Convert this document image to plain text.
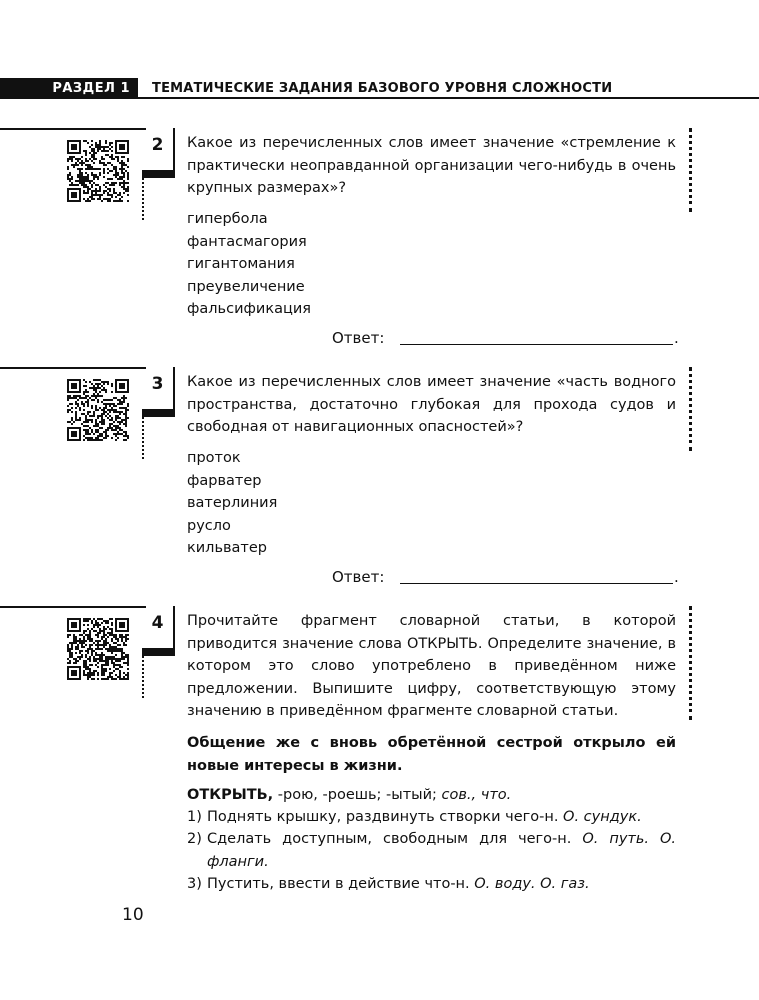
РАЗДЕЛ 1	ТЕМАТИЧЕСКИЕ ЗАДАНИЯ БАЗОВОГО УРОВНЯ СЛОЖНОСТИ
2	Какое из перечисленных слов имеет значение «стремление к практически неоправданной организации чего-нибудь в очень крупных размерах»?
гипербола
фантасмагория
гигантомания
преувеличение
фальсификация
Ответ:	.
3	Какое из перечисленных слов имеет значение «часть водного пространства, достаточно глубокая для прохода судов и свободная от навигационных опасностей»?
проток
фарватер
ватерлиния
русло
кильватер
Ответ:	.
4	Прочитайте фрагмент словарной статьи, в которой приводится значение слова ОТКРЫТЬ. Определите значение, в котором это слово употреблено в приведённом ниже предложении. Выпишите цифру, соответствующую этому значению в приведённом фрагменте словарной статьи.
Общение же с вновь обретённой сестрой открыло ей новые интересы в жизни.
ОТКРЫТЬ, -рою, -роешь; -ытый; сов., что.
1) Поднять крышку, раздвинуть створки чего-н. О. сундук.
2) Сделать доступным, свободным для чего-н. О. путь. О. фланги.
3) Пустить, ввести в действие что-н. О. воду. О. газ.
10
